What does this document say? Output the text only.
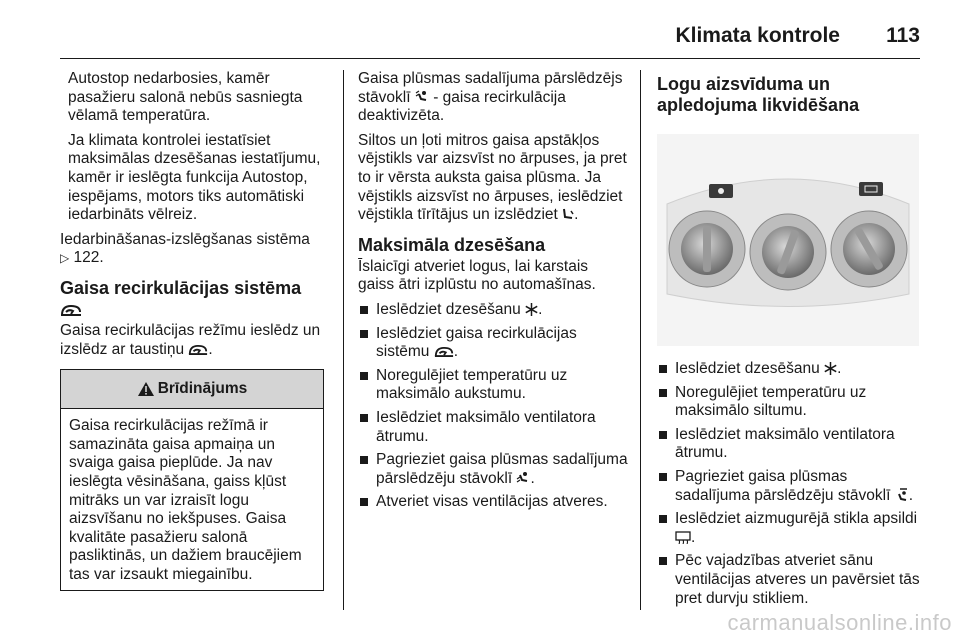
Klimata kontrole 113

Autostop nedarbosies, kamēr pasažieru salonā nebūs sasniegta vēlamā temperatūra.

Ja klimata kontrolei iestatīsiet maksimālas dzesēšanas iestatījumu, kamēr ir ieslēgta funkcija Autostop, iespējams, motors tiks automātiski iedarbināts vēlreiz.

Iedarbināšanas-izslēgšanas sistēma
▷ 122.

Gaisa recirkulācijas sistēma

Gaisa recirkulācijas režīmu ieslēdz un izslēdz ar taustiņu .

Brīdinājums

Gaisa recirkulācijas režīmā ir samazināta gaisa apmaiņa un svaiga gaisa pieplūde. Ja nav ieslēgta vēsināšana, gaiss kļūst mitrāks un var izraisīt logu aizsvīšanu no iekšpuses. Gaisa kvalitāte pasažieru salonā pasliktinās, un dažiem braucējiem tas var izsaukt miegainību.

Gaisa plūsmas sadalījuma pārslēdzējs stāvoklī - gaisa recirkulācija deaktivizēta.

Siltos un ļoti mitros gaisa apstākļos vējstikls var aizsvīst no ārpuses, ja pret to ir vērsta auksta gaisa plūsma. Ja vējstikls aizsvīst no ārpuses, ieslēdziet vējstikla tīrītājus un izslēdziet .

Maksimāla dzesēšana

Īslaicīgi atveriet logus, lai karstais gaiss ātri izplūstu no automašīnas.

Ieslēdziet dzesēšanu .
Ieslēdziet gaisa recirkulācijas sistēmu .
Noregulējiet temperatūru uz maksimālo aukstumu.
Ieslēdziet maksimālo ventilatora ātrumu.
Pagrieziet gaisa plūsmas sadalījuma pārslēdzēju stāvoklī .
Atveriet visas ventilācijas atveres.
Logu aizsvīduma un apledojuma likvidēšana
Ieslēdziet dzesēšanu .
Noregulējiet temperatūru uz maksimālo siltumu.
Ieslēdziet maksimālo ventilatora ātrumu.
Pagrieziet gaisa plūsmas sadalījuma pārslēdzēju stāvoklī .
Ieslēdziet aizmugurējā stikla apsildi .
Pēc vajadzības atveriet sānu ventilācijas atveres un pavērsiet tās pret durvju stikliem.
carmanualsonline.info
